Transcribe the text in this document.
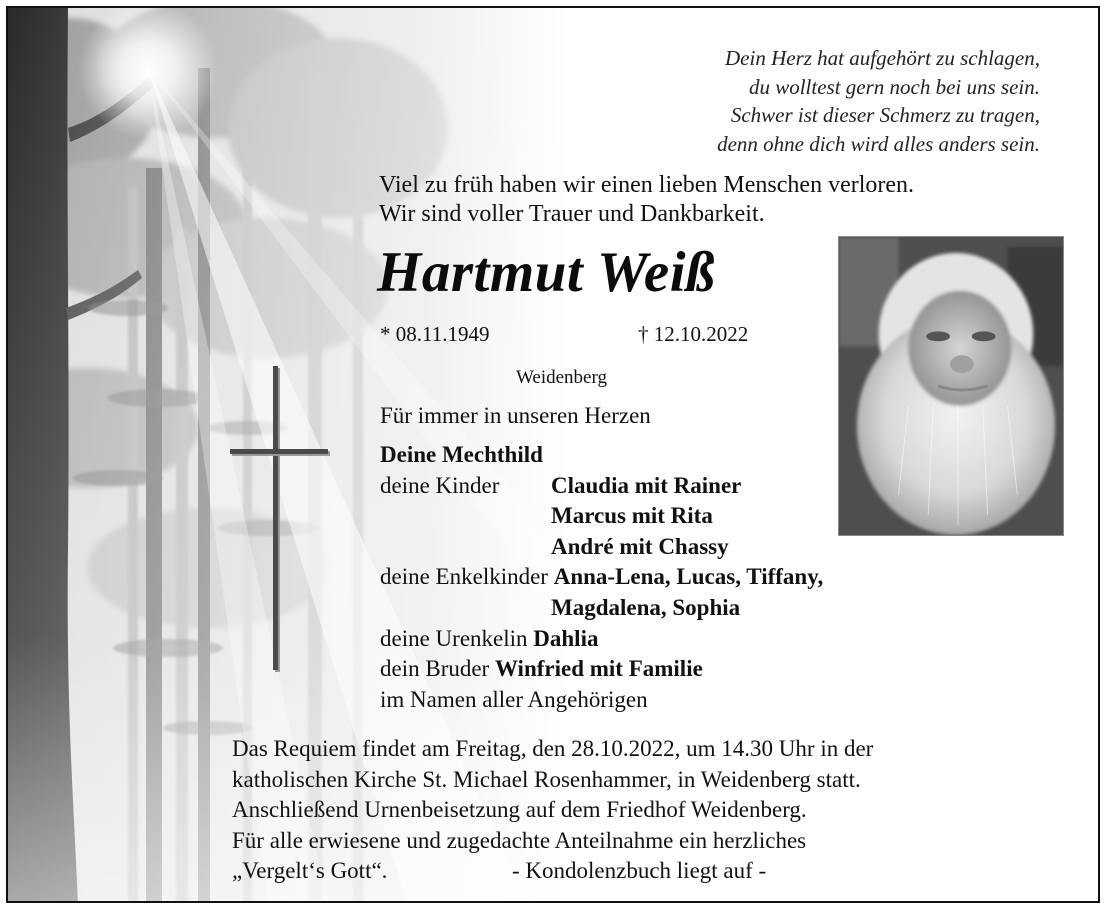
Dein Herz hat aufgehört zu schlagen,
du wolltest gern noch bei uns sein.
Schwer ist dieser Schmerz zu tragen,
denn ohne dich wird alles anders sein.
Viel zu früh haben wir einen lieben Menschen verloren.
Wir sind voller Trauer und Dankbarkeit.
Hartmut Weiß
* 08.11.1949	† 12.10.2022
Weidenberg
Für immer in unseren Herzen
Deine Mechthild
deine Kinder Claudia mit Rainer
Marcus mit Rita
André mit Chassy
deine Enkelkinder Anna-Lena, Lucas, Tiffany,
Magdalena, Sophia
deine Urenkelin Dahlia
dein Bruder Winfried mit Familie
im Namen aller Angehörigen
Das Requiem findet am Freitag, den 28.10.2022, um 14.30 Uhr in der
katholischen Kirche St. Michael Rosenhammer, in Weidenberg statt.
Anschließend Urnenbeisetzung auf dem Friedhof Weidenberg.
Für alle erwiesene und zugedachte Anteilnahme ein herzliches
„Vergelt‘s Gott“.	- Kondolenzbuch liegt auf -
